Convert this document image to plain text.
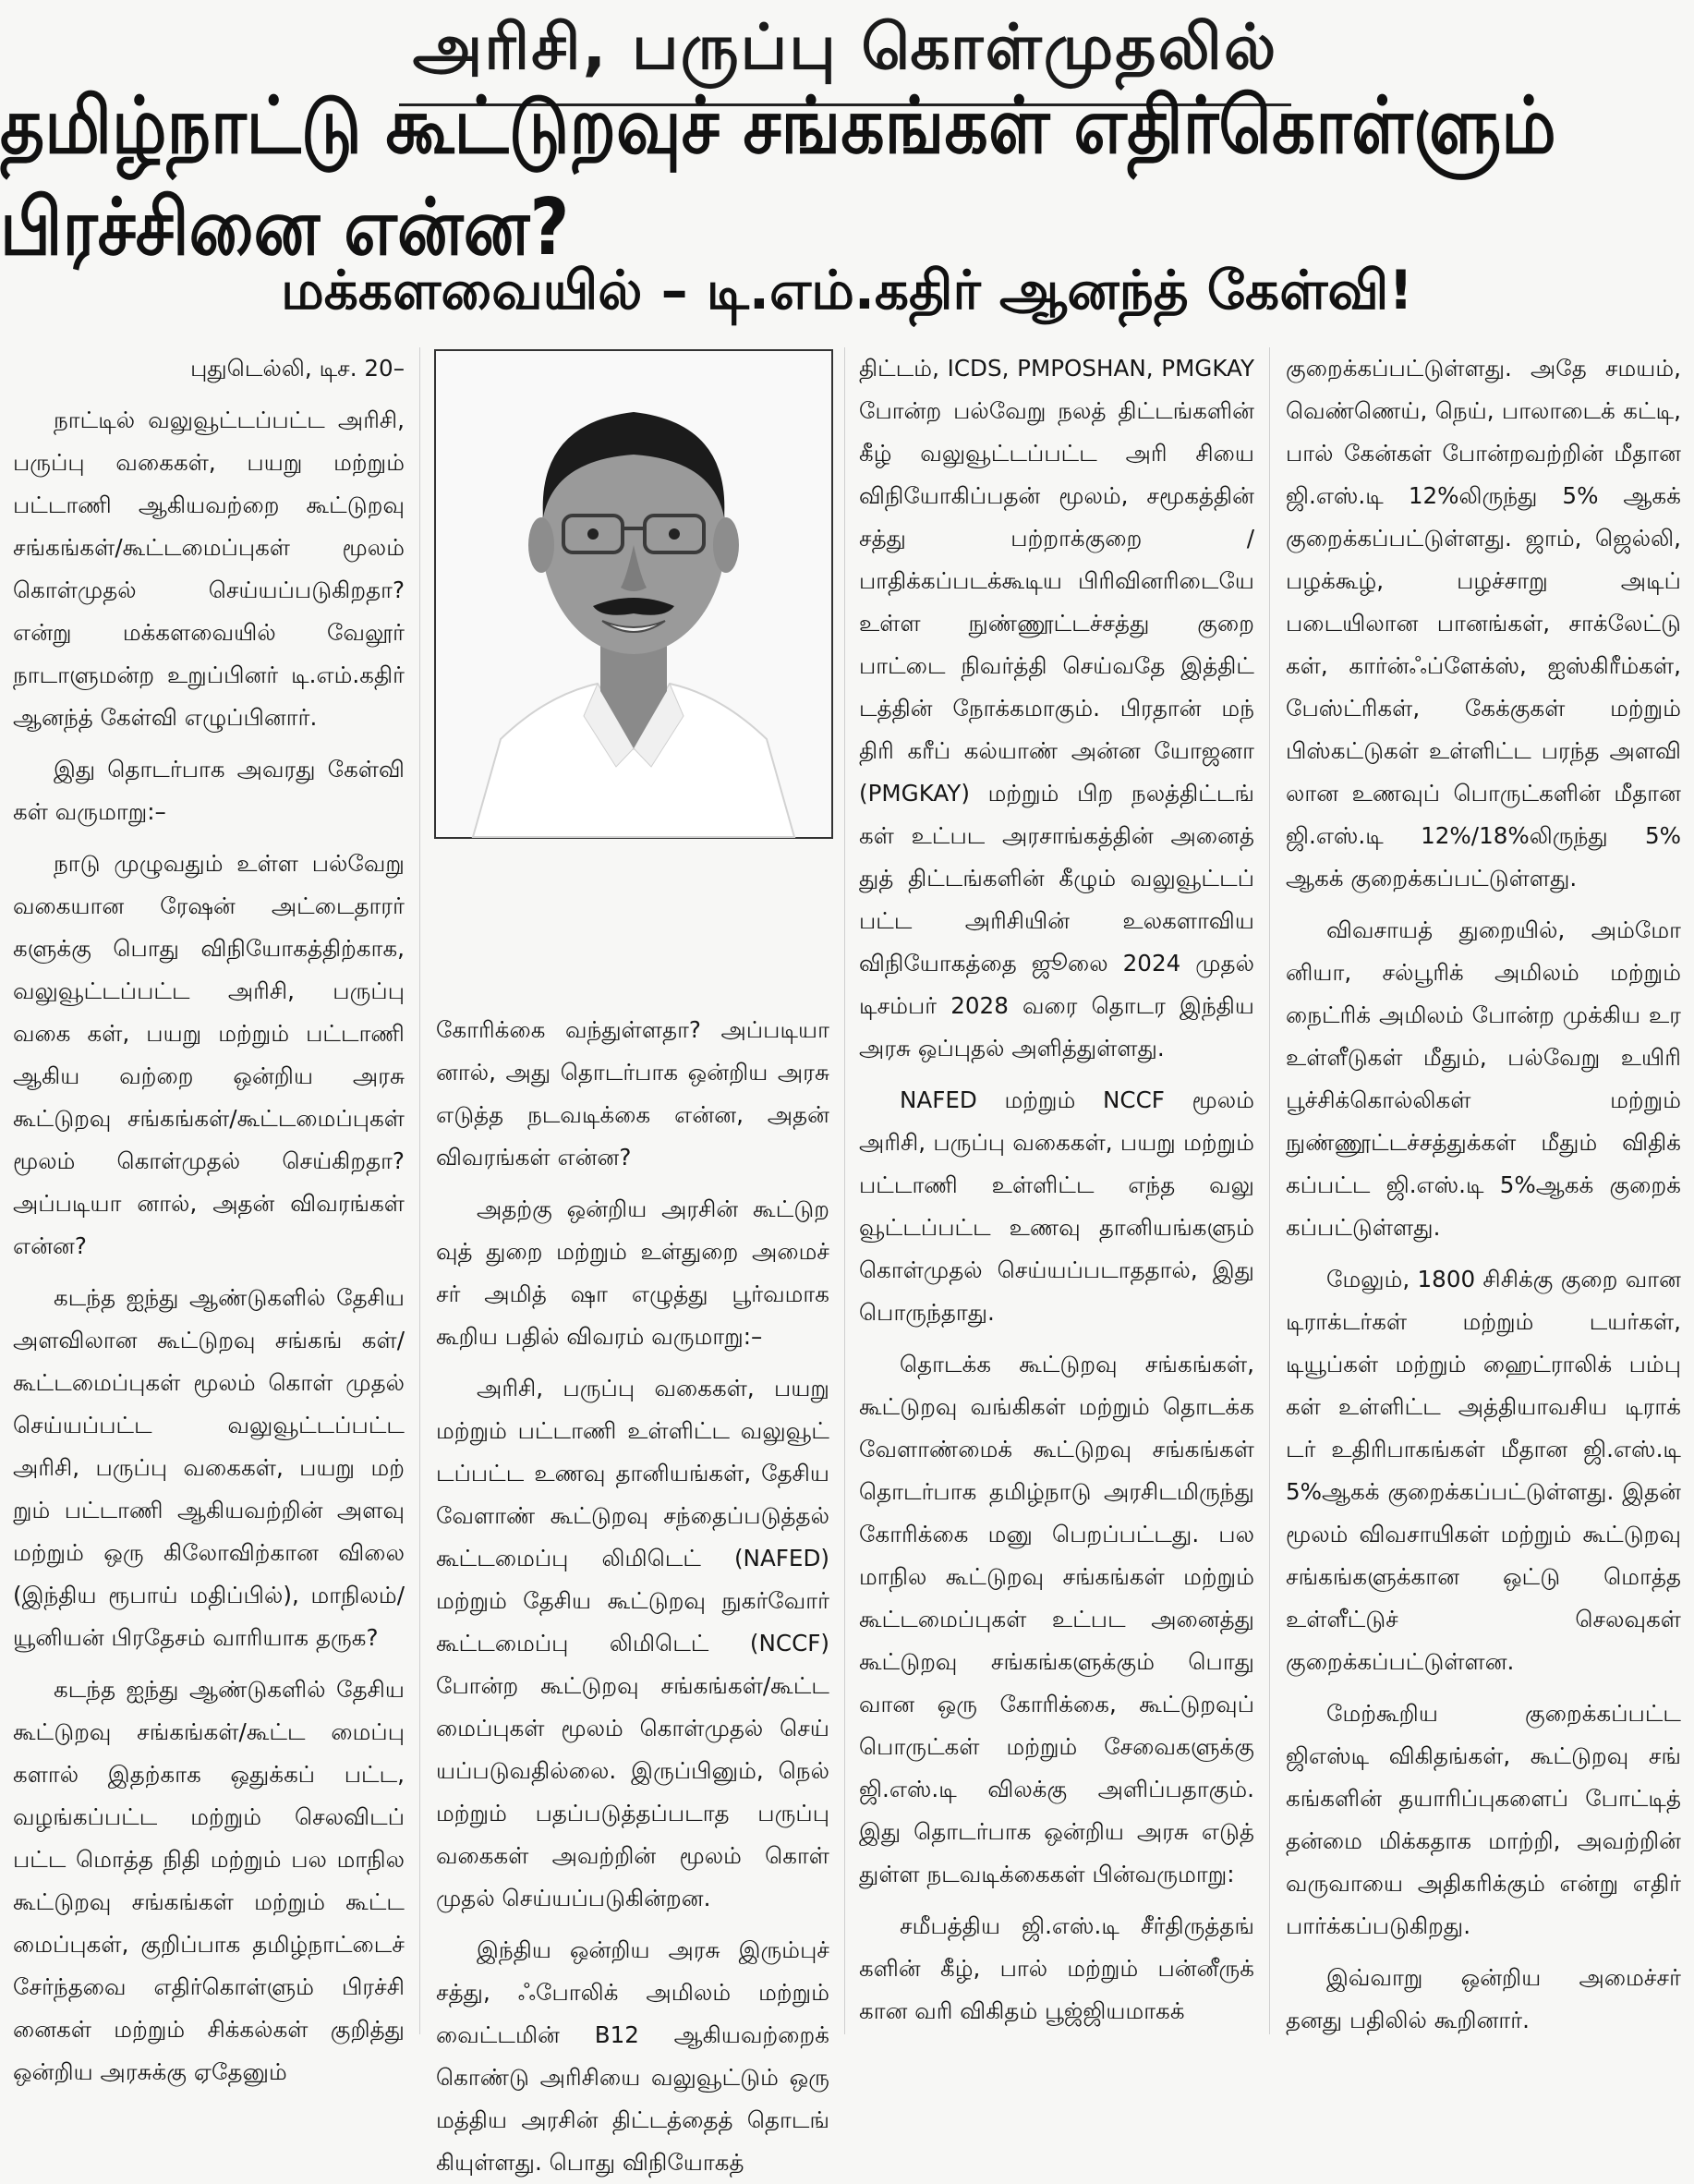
அரிசி, பருப்பு கொள்முதலில்
தமிழ்நாட்டு கூட்டுறவுச் சங்கங்கள் எதிர்கொள்ளும் பிரச்சினை என்ன?
மக்களவையில் – டி.எம்.கதிர் ஆனந்த் கேள்வி!

புதுடெல்லி, டிச. 20–

நாட்டில் வலுவூட்டப்பட்ட அரிசி, பருப்பு வகைகள், பயறு மற்றும் பட்டாணி ஆகியவற்றை கூட்டுறவு சங்கங்கள்/கூட்டமைப்புகள் மூலம் கொள்முதல் செய்யப்படுகிறதா? என்று மக்களவையில் வேலூர் நாடாளுமன்ற உறுப்பினர் டி.எம்.கதிர் ஆனந்த் கேள்வி எழுப்பினார்.

இது தொடர்பாக அவரது கேள்வி கள் வருமாறு:–

நாடு முழுவதும் உள்ள பல்வேறு வகையான ரேஷன் அட்டைதாரர் களுக்கு பொது விநியோகத்திற்காக, வலுவூட்டப்பட்ட அரிசி, பருப்பு வகை கள், பயறு மற்றும் பட்டாணி ஆகிய வற்றை ஒன்றிய அரசு கூட்டுறவு சங்கங்கள்/கூட்டமைப்புகள் மூலம் கொள்முதல் செய்கிறதா? அப்படியா னால், அதன் விவரங்கள் என்ன?

கடந்த ஐந்து ஆண்டுகளில் தேசிய அளவிலான கூட்டுறவு சங்கங் கள்/ கூட்டமைப்புகள் மூலம் கொள் முதல் செய்யப்பட்ட வலுவூட்டப்பட்ட அரிசி, பருப்பு வகைகள், பயறு மற் றும் பட்டாணி ஆகியவற்றின் அளவு மற்றும் ஒரு கிலோவிற்கான விலை (இந்திய ரூபாய் மதிப்பில்), மாநிலம்/ யூனியன் பிரதேசம் வாரியாக தருக?

கடந்த ஐந்து ஆண்டுகளில் தேசிய கூட்டுறவு சங்கங்கள்/கூட்ட மைப்பு களால் இதற்காக ஒதுக்கப் பட்ட, வழங்கப்பட்ட மற்றும் செலவிடப் பட்ட மொத்த நிதி மற்றும் பல மாநில கூட்டுறவு சங்கங்கள் மற்றும் கூட்ட மைப்புகள், குறிப்பாக தமிழ்நாட்டைச் சேர்ந்தவை எதிர்கொள்ளும் பிரச்சி னைகள் மற்றும் சிக்கல்கள் குறித்து ஒன்றிய அரசுக்கு ஏதேனும்

கோரிக்கை வந்துள்ளதா? அப்படியா னால், அது தொடர்பாக ஒன்றிய அரசு எடுத்த நடவடிக்கை என்ன, அதன் விவரங்கள் என்ன?

அதற்கு ஒன்றிய அரசின் கூட்டுற வுத் துறை மற்றும் உள்துறை அமைச் சர் அமித் ஷா எழுத்து பூர்வமாக கூறிய பதில் விவரம் வருமாறு:–

அரிசி, பருப்பு வகைகள், பயறு மற்றும் பட்டாணி உள்ளிட்ட வலுவூட் டப்பட்ட உணவு தானியங்கள், தேசிய வேளாண் கூட்டுறவு சந்தைப்படுத்தல் கூட்டமைப்பு லிமிடெட் (NAFED) மற்றும் தேசிய கூட்டுறவு நுகர்வோர் கூட்டமைப்பு லிமிடெட் (NCCF) போன்ற கூட்டுறவு சங்கங்கள்/கூட்ட மைப்புகள் மூலம் கொள்முதல் செய் யப்படுவதில்லை. இருப்பினும், நெல் மற்றும் பதப்படுத்தப்படாத பருப்பு வகைகள் அவற்றின் மூலம் கொள் முதல் செய்யப்படுகின்றன.

இந்திய ஒன்றிய அரசு இரும்புச் சத்து, ஃபோலிக் அமிலம் மற்றும் வைட்டமின் B12 ஆகியவற்றைக் கொண்டு அரிசியை வலுவூட்டும் ஒரு மத்திய அரசின் திட்டத்தைத் தொடங் கியுள்ளது. பொது விநியோகத்

திட்டம், ICDS, PMPOSHAN, PMGKAY போன்ற பல்வேறு நலத் திட்டங்களின் கீழ் வலுவூட்டப்பட்ட அரி சியை விநியோகிப்பதன் மூலம், சமூகத்தின் சத்து பற்றாக்குறை / பாதிக்கப்படக்கூடிய பிரிவினரிடையே உள்ள நுண்ணூட்டச்சத்து குறை பாட்டை நிவர்த்தி செய்வதே இத்திட் டத்தின் நோக்கமாகும். பிரதான் மந் திரி கரீப் கல்யாண் அன்ன யோஜனா (PMGKAY) மற்றும் பிற நலத்திட்டங் கள் உட்பட அரசாங்கத்தின் அனைத் துத் திட்டங்களின் கீழும் வலுவூட்டப் பட்ட அரிசியின் உலகளாவிய விநியோகத்தை ஜூலை 2024 முதல் டிசம்பர் 2028 வரை தொடர இந்திய அரசு ஒப்புதல் அளித்துள்ளது.

NAFED மற்றும் NCCF மூலம் அரிசி, பருப்பு வகைகள், பயறு மற்றும் பட்டாணி உள்ளிட்ட எந்த வலு வூட்டப்பட்ட உணவு தானியங்களும் கொள்முதல் செய்யப்படாததால், இது பொருந்தாது.

தொடக்க கூட்டுறவு சங்கங்கள், கூட்டுறவு வங்கிகள் மற்றும் தொடக்க வேளாண்மைக் கூட்டுறவு சங்கங்கள் தொடர்பாக தமிழ்நாடு அரசிடமிருந்து கோரிக்கை மனு பெறப்பட்டது. பல மாநில கூட்டுறவு சங்கங்கள் மற்றும் கூட்டமைப்புகள் உட்பட அனைத்து கூட்டுறவு சங்கங்களுக்கும் பொது வான ஒரு கோரிக்கை, கூட்டுறவுப் பொருட்கள் மற்றும் சேவைகளுக்கு ஜி.எஸ்.டி விலக்கு அளிப்பதாகும். இது தொடர்பாக ஒன்றிய அரசு எடுத் துள்ள நடவடிக்கைகள் பின்வருமாறு:

சமீபத்திய ஜி.எஸ்.டி சீர்திருத்தங் களின் கீழ், பால் மற்றும் பன்னீருக் கான வரி விகிதம் பூஜ்ஜியமாகக்

குறைக்கப்பட்டுள்ளது. அதே சமயம், வெண்ணெய், நெய், பாலாடைக் கட்டி, பால் கேன்கள் போன்றவற்றின் மீதான ஜி.எஸ்.டி 12%லிருந்து 5% ஆகக் குறைக்கப்பட்டுள்ளது. ஜாம், ஜெல்லி, பழக்கூழ், பழச்சாறு அடிப் படையிலான பானங்கள், சாக்லேட்டு கள், கார்ன்ஃப்ளேக்ஸ், ஐஸ்கிரீம்கள், பேஸ்ட்ரிகள், கேக்குகள் மற்றும் பிஸ்கட்டுகள் உள்ளிட்ட பரந்த அளவி லான உணவுப் பொருட்களின் மீதான ஜி.எஸ்.டி 12%/18%லிருந்து 5% ஆகக் குறைக்கப்பட்டுள்ளது.

விவசாயத் துறையில், அம்மோ னியா, சல்பூரிக் அமிலம் மற்றும் நைட்ரிக் அமிலம் போன்ற முக்கிய உர உள்ளீடுகள் மீதும், பல்வேறு உயிரி பூச்சிக்கொல்லிகள் மற்றும் நுண்ணூட்டச்சத்துக்கள் மீதும் விதிக் கப்பட்ட ஜி.எஸ்.டி 5%ஆகக் குறைக் கப்பட்டுள்ளது.

மேலும், 1800 சிசிக்கு குறை வான டிராக்டர்கள் மற்றும் டயர்கள், டியூப்கள் மற்றும் ஹைட்ராலிக் பம்பு கள் உள்ளிட்ட அத்தியாவசிய டிராக் டர் உதிரிபாகங்கள் மீதான ஜி.எஸ்.டி 5%ஆகக் குறைக்கப்பட்டுள்ளது. இதன் மூலம் விவசாயிகள் மற்றும் கூட்டுறவு சங்கங்களுக்கான ஒட்டு மொத்த உள்ளீட்டுச் செலவுகள் குறைக்கப்பட்டுள்ளன.

மேற்கூறிய குறைக்கப்பட்ட ஜிஎஸ்டி விகிதங்கள், கூட்டுறவு சங் கங்களின் தயாரிப்புகளைப் போட்டித் தன்மை மிக்கதாக மாற்றி, அவற்றின் வருவாயை அதிகரிக்கும் என்று எதிர் பார்க்கப்படுகிறது.

இவ்வாறு ஒன்றிய அமைச்சர் தனது பதிலில் கூறினார்.
